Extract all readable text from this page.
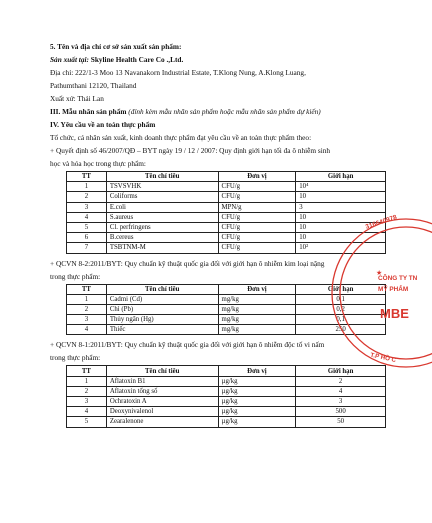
5. Tên và địa chỉ cơ sở sản xuất sản phẩm:
Sản xuất tại: Skyline Health Care Co .,Ltd.
Địa chỉ: 222/1-3 Moo 13 Navanakorn Industrial Estate, T.Klong Nung, A.Klong Luang,
Pathumthani 12120, Thailand
Xuất xứ: Thái Lan
III. Mẫu nhãn sản phẩm (đính kèm mẫu nhãn sản phẩm hoặc mẫu nhãn sản phẩm dự kiến)
IV. Yêu cầu về an toàn thực phẩm
Tổ chức, cá nhân sản xuất, kinh doanh thực phẩm đạt yêu cầu về an toàn thực phẩm theo:
+ Quyết định số 46/2007/QĐ – BYT ngày 19 / 12 / 2007: Quy định giới hạn tối đa ô nhiễm sinh
học và hóa học trong thực phẩm:
TT	Tên chỉ tiêu	Đơn vị	Giới hạn
1	TSVSVHK	CFU/g	10⁴
2	Coliforms	CFU/g	10
3	E.coli	MPN/g	3
4	S.aureus	CFU/g	10
5	Cl. perfringens	CFU/g	10
6	B.cereus	CFU/g	10
7	TSBTNM-M	CFU/g	10²
+ QCVN 8-2:2011/BYT: Quy chuẩn kỹ thuật quốc gia đối với giới hạn ô nhiễm kim loại nặng
trong thực phẩm:
TT	Tên chỉ tiêu	Đơn vị	Giới hạn
1	Cadmi (Cd)	mg/kg	0,1
2	Chì (Pb)	mg/kg	0,2
3	Thủy ngân (Hg)	mg/kg	0,1
4	Thiếc	mg/kg	250
+ QCVN 8-1:2011/BYT: Quy chuẩn kỹ thuật quốc gia đối với giới hạn ô nhiễm độc tố vi nấm
trong thực phẩm:
TT	Tên chỉ tiêu	Đơn vị	Giới hạn
1	Aflatoxin B1	µg/kg	2
2	Aflatoxin tổng số	µg/kg	4
3	Ochratoxin A	µg/kg	3
4	Deoxynivalenol	µg/kg	500
5	Zearalenone	µg/kg	50
316640978
CÔNG TY TN
MỸ PHẨM
MBE
T.P HỒ C
★
